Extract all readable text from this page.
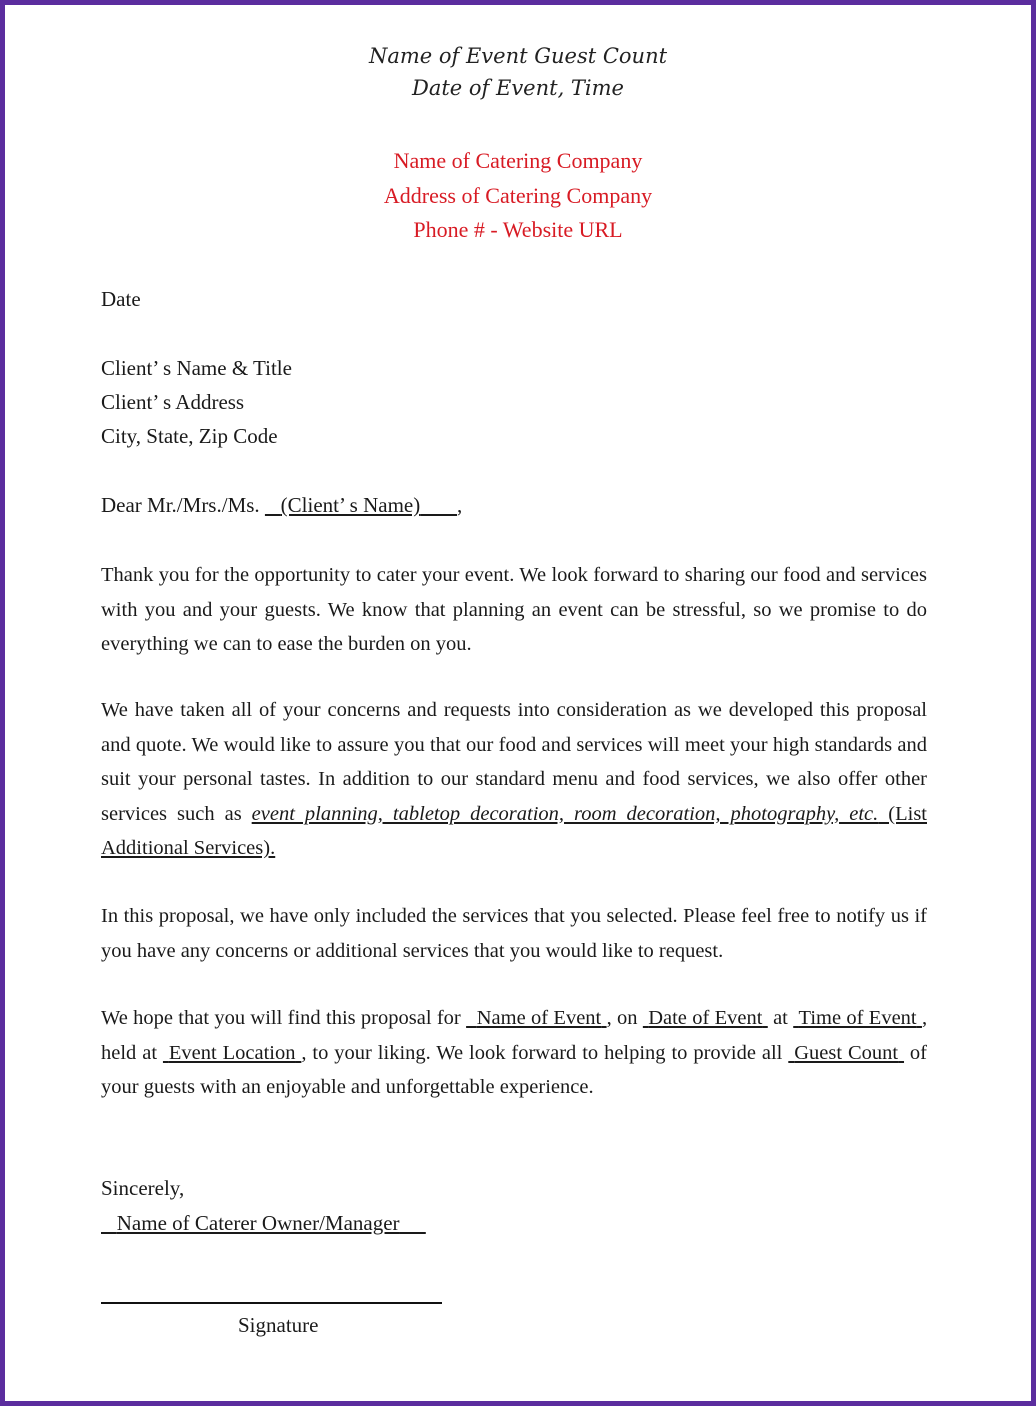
Name of Event Guest Count
Date of Event, Time
Name of Catering Company
Address of Catering Company
Phone # - Website URL
Date
Client’ s Name & Title
Client’ s Address
City, State, Zip Code
Dear Mr./Mrs./Ms. (Client’ s Name) ,
Thank you for the opportunity to cater your event. We look forward to sharing our food and services with you and your guests. We know that planning an event can be stressful, so we promise to do everything we can to ease the burden on you.
We have taken all of your concerns and requests into consideration as we developed this proposal and quote. We would like to assure you that our food and services will meet your high standards and suit your personal tastes. In addition to our standard menu and food services, we also offer other services such as event planning, tabletop decoration, room decoration, photography, etc. (List Additional Services).
In this proposal, we have only included the services that you selected. Please feel free to notify us if you have any concerns or additional services that you would like to request.
We hope that you will find this proposal for   Name of Event , on  Date of Event  at  Time of Event , held at  Event Location , to your liking. We look forward to helping to provide all  Guest Count  of your guests with an enjoyable and unforgettable experience.
Sincerely,
Name of Caterer Owner/Manager
Signature
